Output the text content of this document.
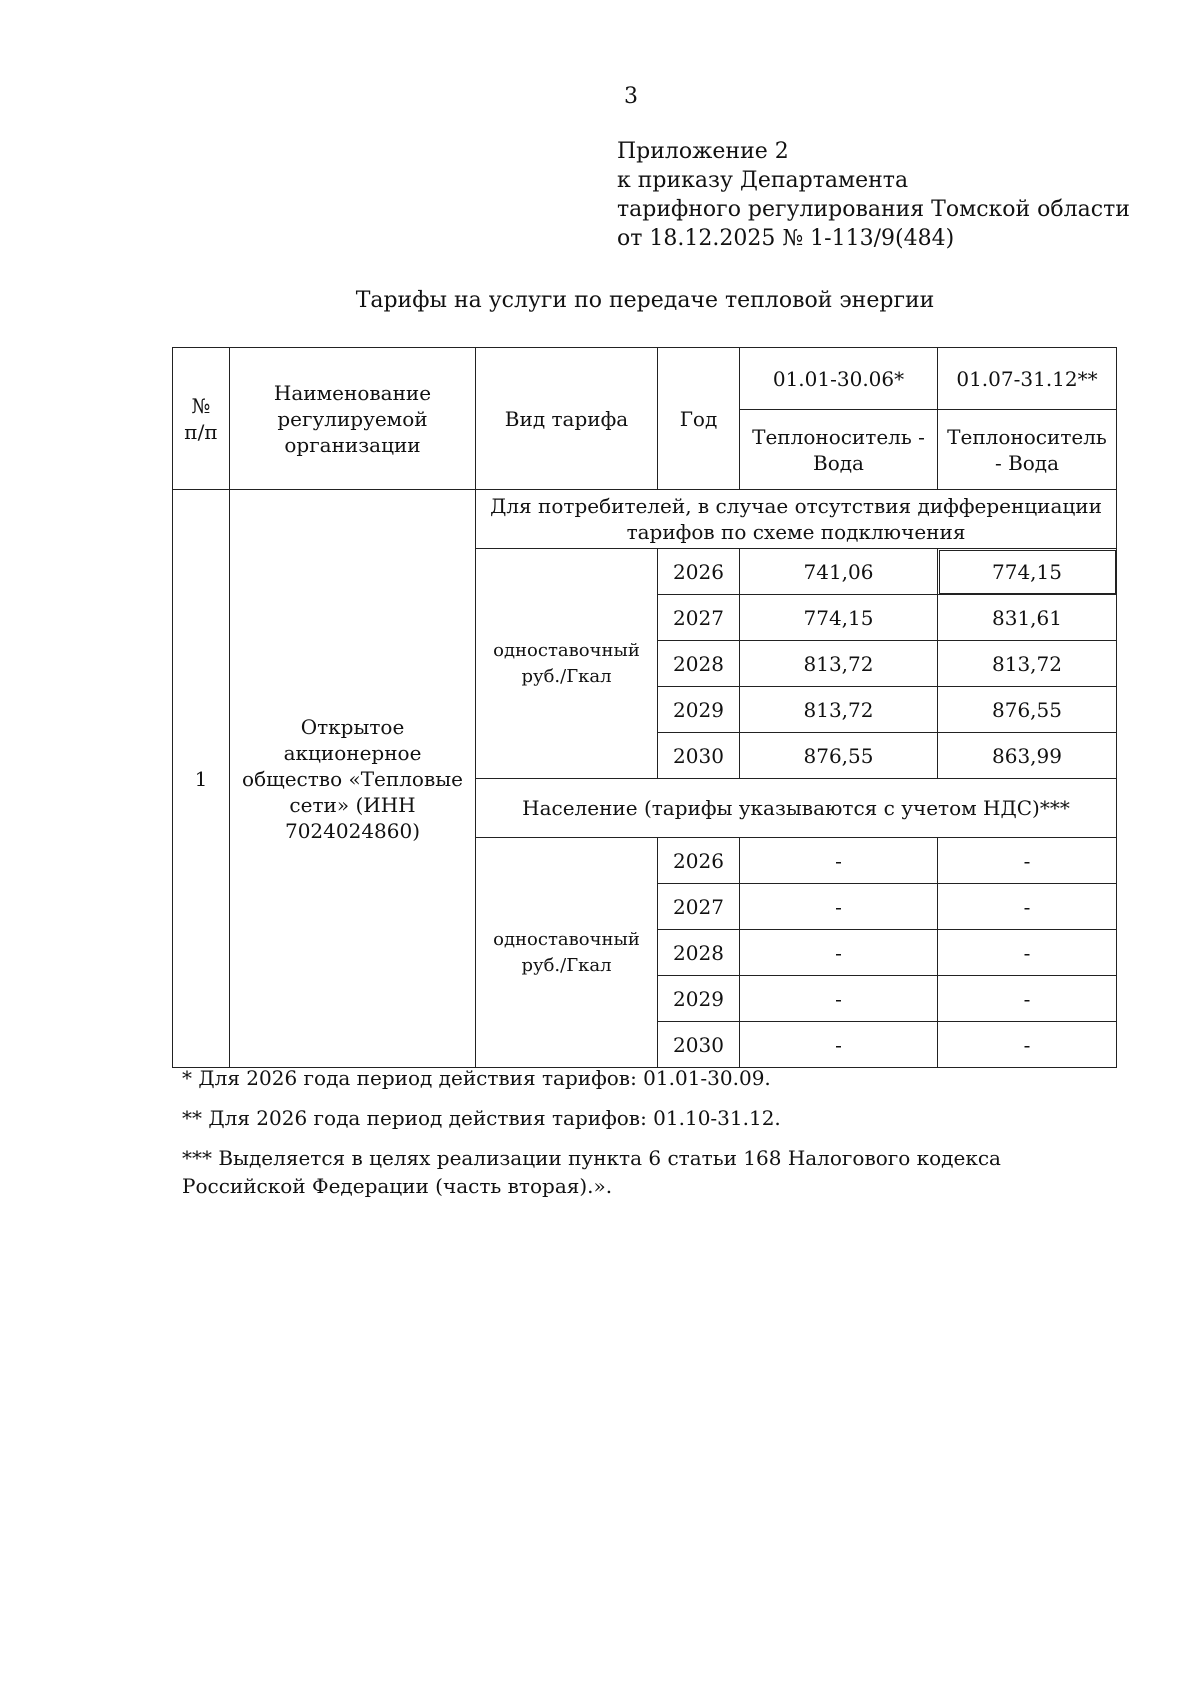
3
Приложение 2
к приказу Департамента
тарифного регулирования Томской области
от 18.12.2025 № 1-113/9(484)
Тарифы на услуги по передаче тепловой энергии
№ п/п	Наименование регулируемой организации	Вид тарифа	Год	01.01-30.06*	01.07-31.12**
				Теплоноситель - Вода	Теплоноситель - Вода
1	Открытое акционерное общество «Тепловые сети» (ИНН 7024024860)	Для потребителей, в случае отсутствия дифференциации тарифов по схеме подключения			
		одноставочный руб./Гкал	2026	741,06	774,15
			2027	774,15	831,61
			2028	813,72	813,72
			2029	813,72	876,55
			2030	876,55	863,99
		Население (тарифы указываются с учетом НДС)***			
		одноставочный руб./Гкал	2026	-	-
			2027	-	-
			2028	-	-
			2029	-	-
			2030	-	-

* Для 2026 года период действия тарифов: 01.01-30.09.

** Для 2026 года период действия тарифов: 01.10-31.12.

*** Выделяется в целях реализации пункта 6 статьи 168 Налогового кодекса Российской Федерации (часть вторая).».
